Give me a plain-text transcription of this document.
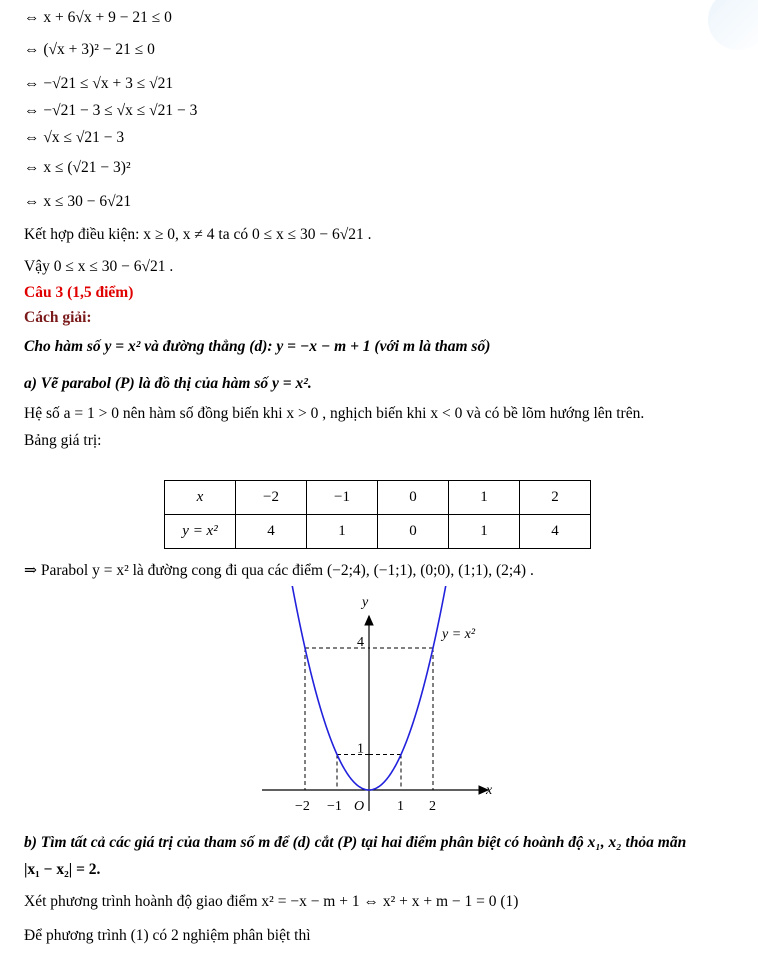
⇔ x + 6√x + 9 − 21 ≤ 0
⇔ (√x + 3)² − 21 ≤ 0
⇔ −√21 ≤ √x + 3 ≤ √21
⇔ −√21 − 3 ≤ √x ≤ √21 − 3
⇔ √x ≤ √21 − 3
⇔ x ≤ (√21 − 3)²
⇔ x ≤ 30 − 6√21
Kết hợp điều kiện: x ≥ 0, x ≠ 4 ta có 0 ≤ x ≤ 30 − 6√21 .
Vậy 0 ≤ x ≤ 30 − 6√21 .
Câu 3 (1,5 điểm)
Cách giải:
Cho hàm số y = x² và đường thẳng (d): y = −x − m + 1 (với m là tham số)
a) Vẽ parabol (P) là đồ thị của hàm số y = x².
Hệ số a = 1 > 0 nên hàm số đồng biến khi x > 0 , nghịch biến khi x < 0 và có bề lõm hướng lên trên.
Bảng giá trị:
x	−2	−1	0	1	2
y = x²	4	1	0	1	4
⇒ Parabol y = x² là đường cong đi qua các điểm (−2;4), (−1;1), (0;0), (1;1), (2;4) .
x
y
O
y = x²
−2 −1	1 2
1
4
b) Tìm tất cả các giá trị của tham số m để (d) cắt (P) tại hai điểm phân biệt có hoành độ x₁, x₂ thỏa mãn
|x₁ − x₂| = 2.
Xét phương trình hoành độ giao điểm x² = −x − m + 1 ⇔ x² + x + m − 1 = 0 (1)
Để phương trình (1) có 2 nghiệm phân biệt thì
